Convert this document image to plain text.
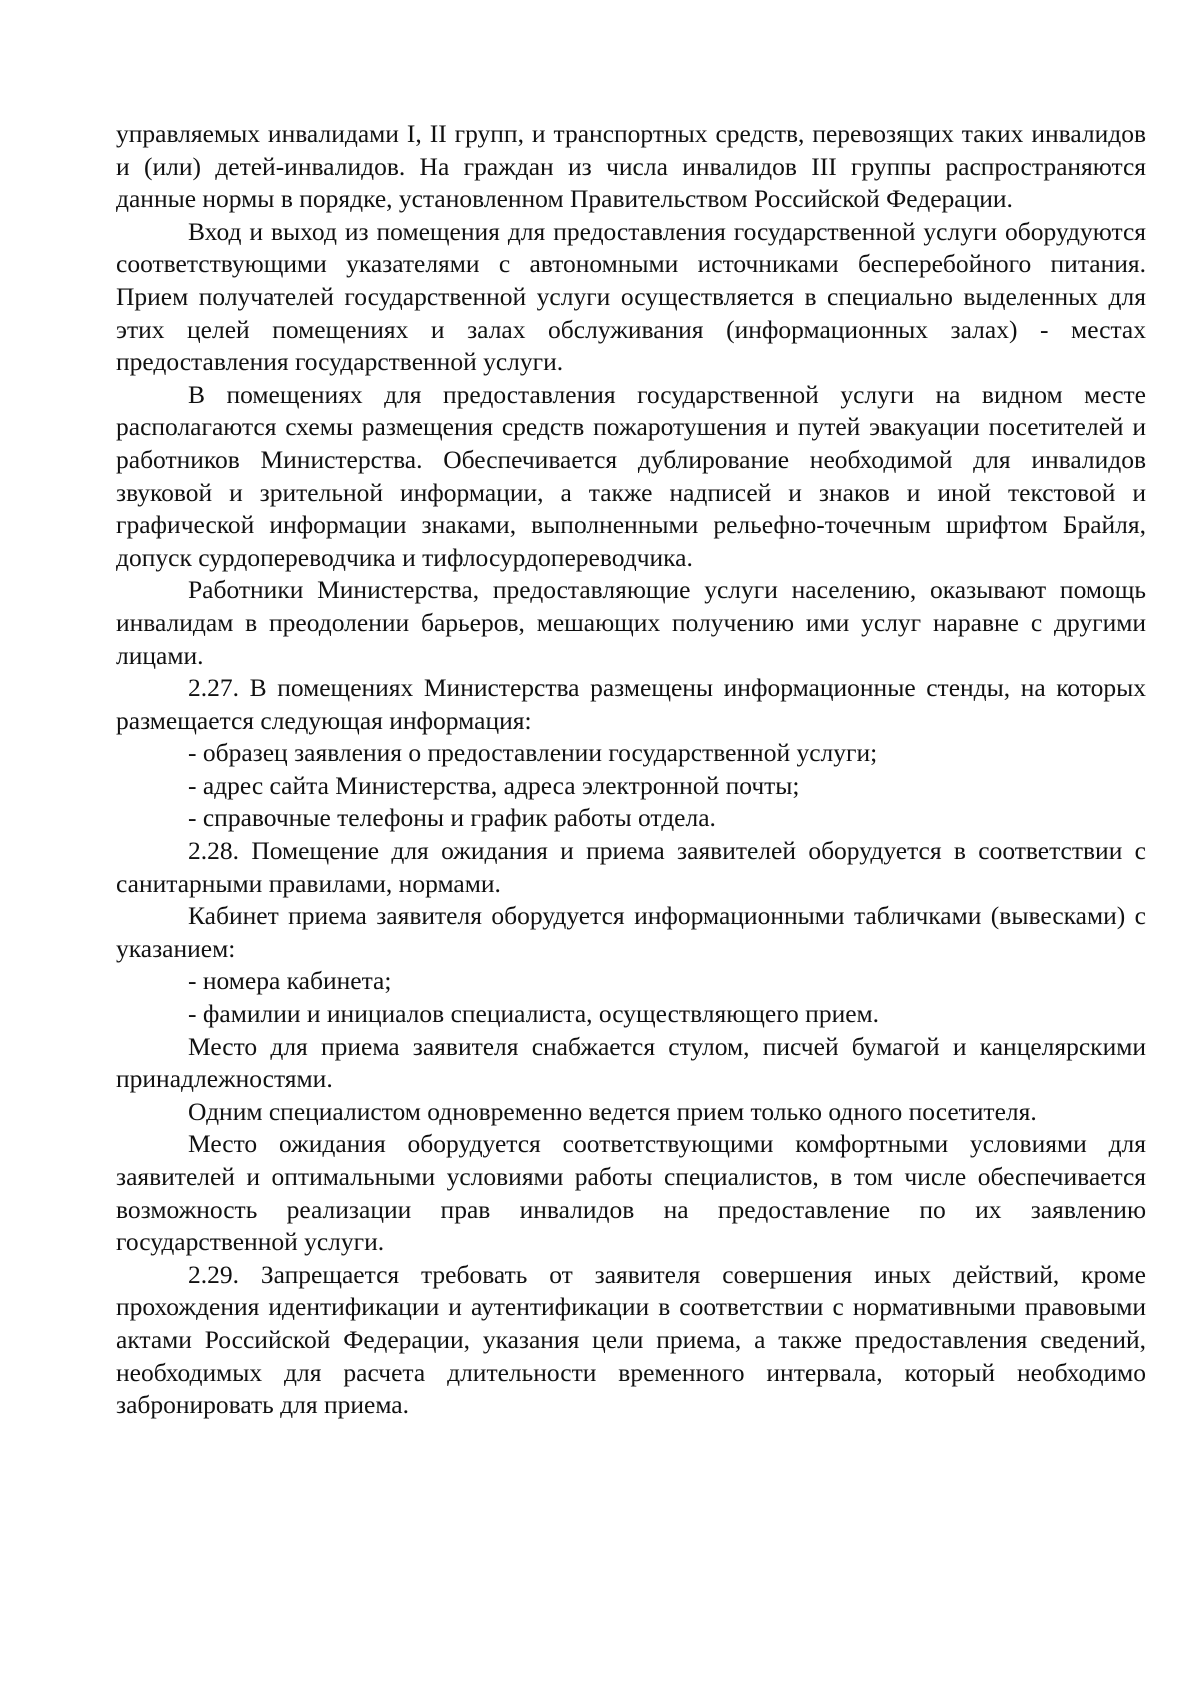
управляемых инвалидами I, II групп, и транспортных средств, перевозящих таких инвалидов и (или) детей-инвалидов. На граждан из числа инвалидов III группы распространяются данные нормы в порядке, установленном Правительством Российской Федерации.

Вход и выход из помещения для предоставления государственной услуги оборудуются соответствующими указателями с автономными источниками бесперебойного питания. Прием получателей государственной услуги осуществляется в специально выделенных для этих целей помещениях и залах обслуживания (информационных залах) - местах предоставления государственной услуги.

В помещениях для предоставления государственной услуги на видном месте располагаются схемы размещения средств пожаротушения и путей эвакуации посетителей и работников Министерства. Обеспечивается дублирование необходимой для инвалидов звуковой и зрительной информации, а также надписей и знаков и иной текстовой и графической информации знаками, выполненными рельефно-точечным шрифтом Брайля, допуск сурдопереводчика и тифлосурдопереводчика.

Работники Министерства, предоставляющие услуги населению, оказывают помощь инвалидам в преодолении барьеров, мешающих получению ими услуг наравне с другими лицами.

2.27. В помещениях Министерства размещены информационные стенды, на которых размещается следующая информация:

- образец заявления о предоставлении государственной услуги;

- адрес сайта Министерства, адреса электронной почты;

- справочные телефоны и график работы отдела.

2.28. Помещение для ожидания и приема заявителей оборудуется в соответствии с санитарными правилами, нормами.

Кабинет приема заявителя оборудуется информационными табличками (вывесками) с указанием:

- номера кабинета;

- фамилии и инициалов специалиста, осуществляющего прием.

Место для приема заявителя снабжается стулом, писчей бумагой и канцелярскими принадлежностями.

Одним специалистом одновременно ведется прием только одного посетителя.

Место ожидания оборудуется соответствующими комфортными условиями для заявителей и оптимальными условиями работы специалистов, в том числе обеспечивается возможность реализации прав инвалидов на предоставление по их заявлению государственной услуги.

2.29. Запрещается требовать от заявителя совершения иных действий, кроме прохождения идентификации и аутентификации в соответствии с нормативными правовыми актами Российской Федерации, указания цели приема, а также предоставления сведений, необходимых для расчета длительности временного интервала, который необходимо забронировать для приема.
